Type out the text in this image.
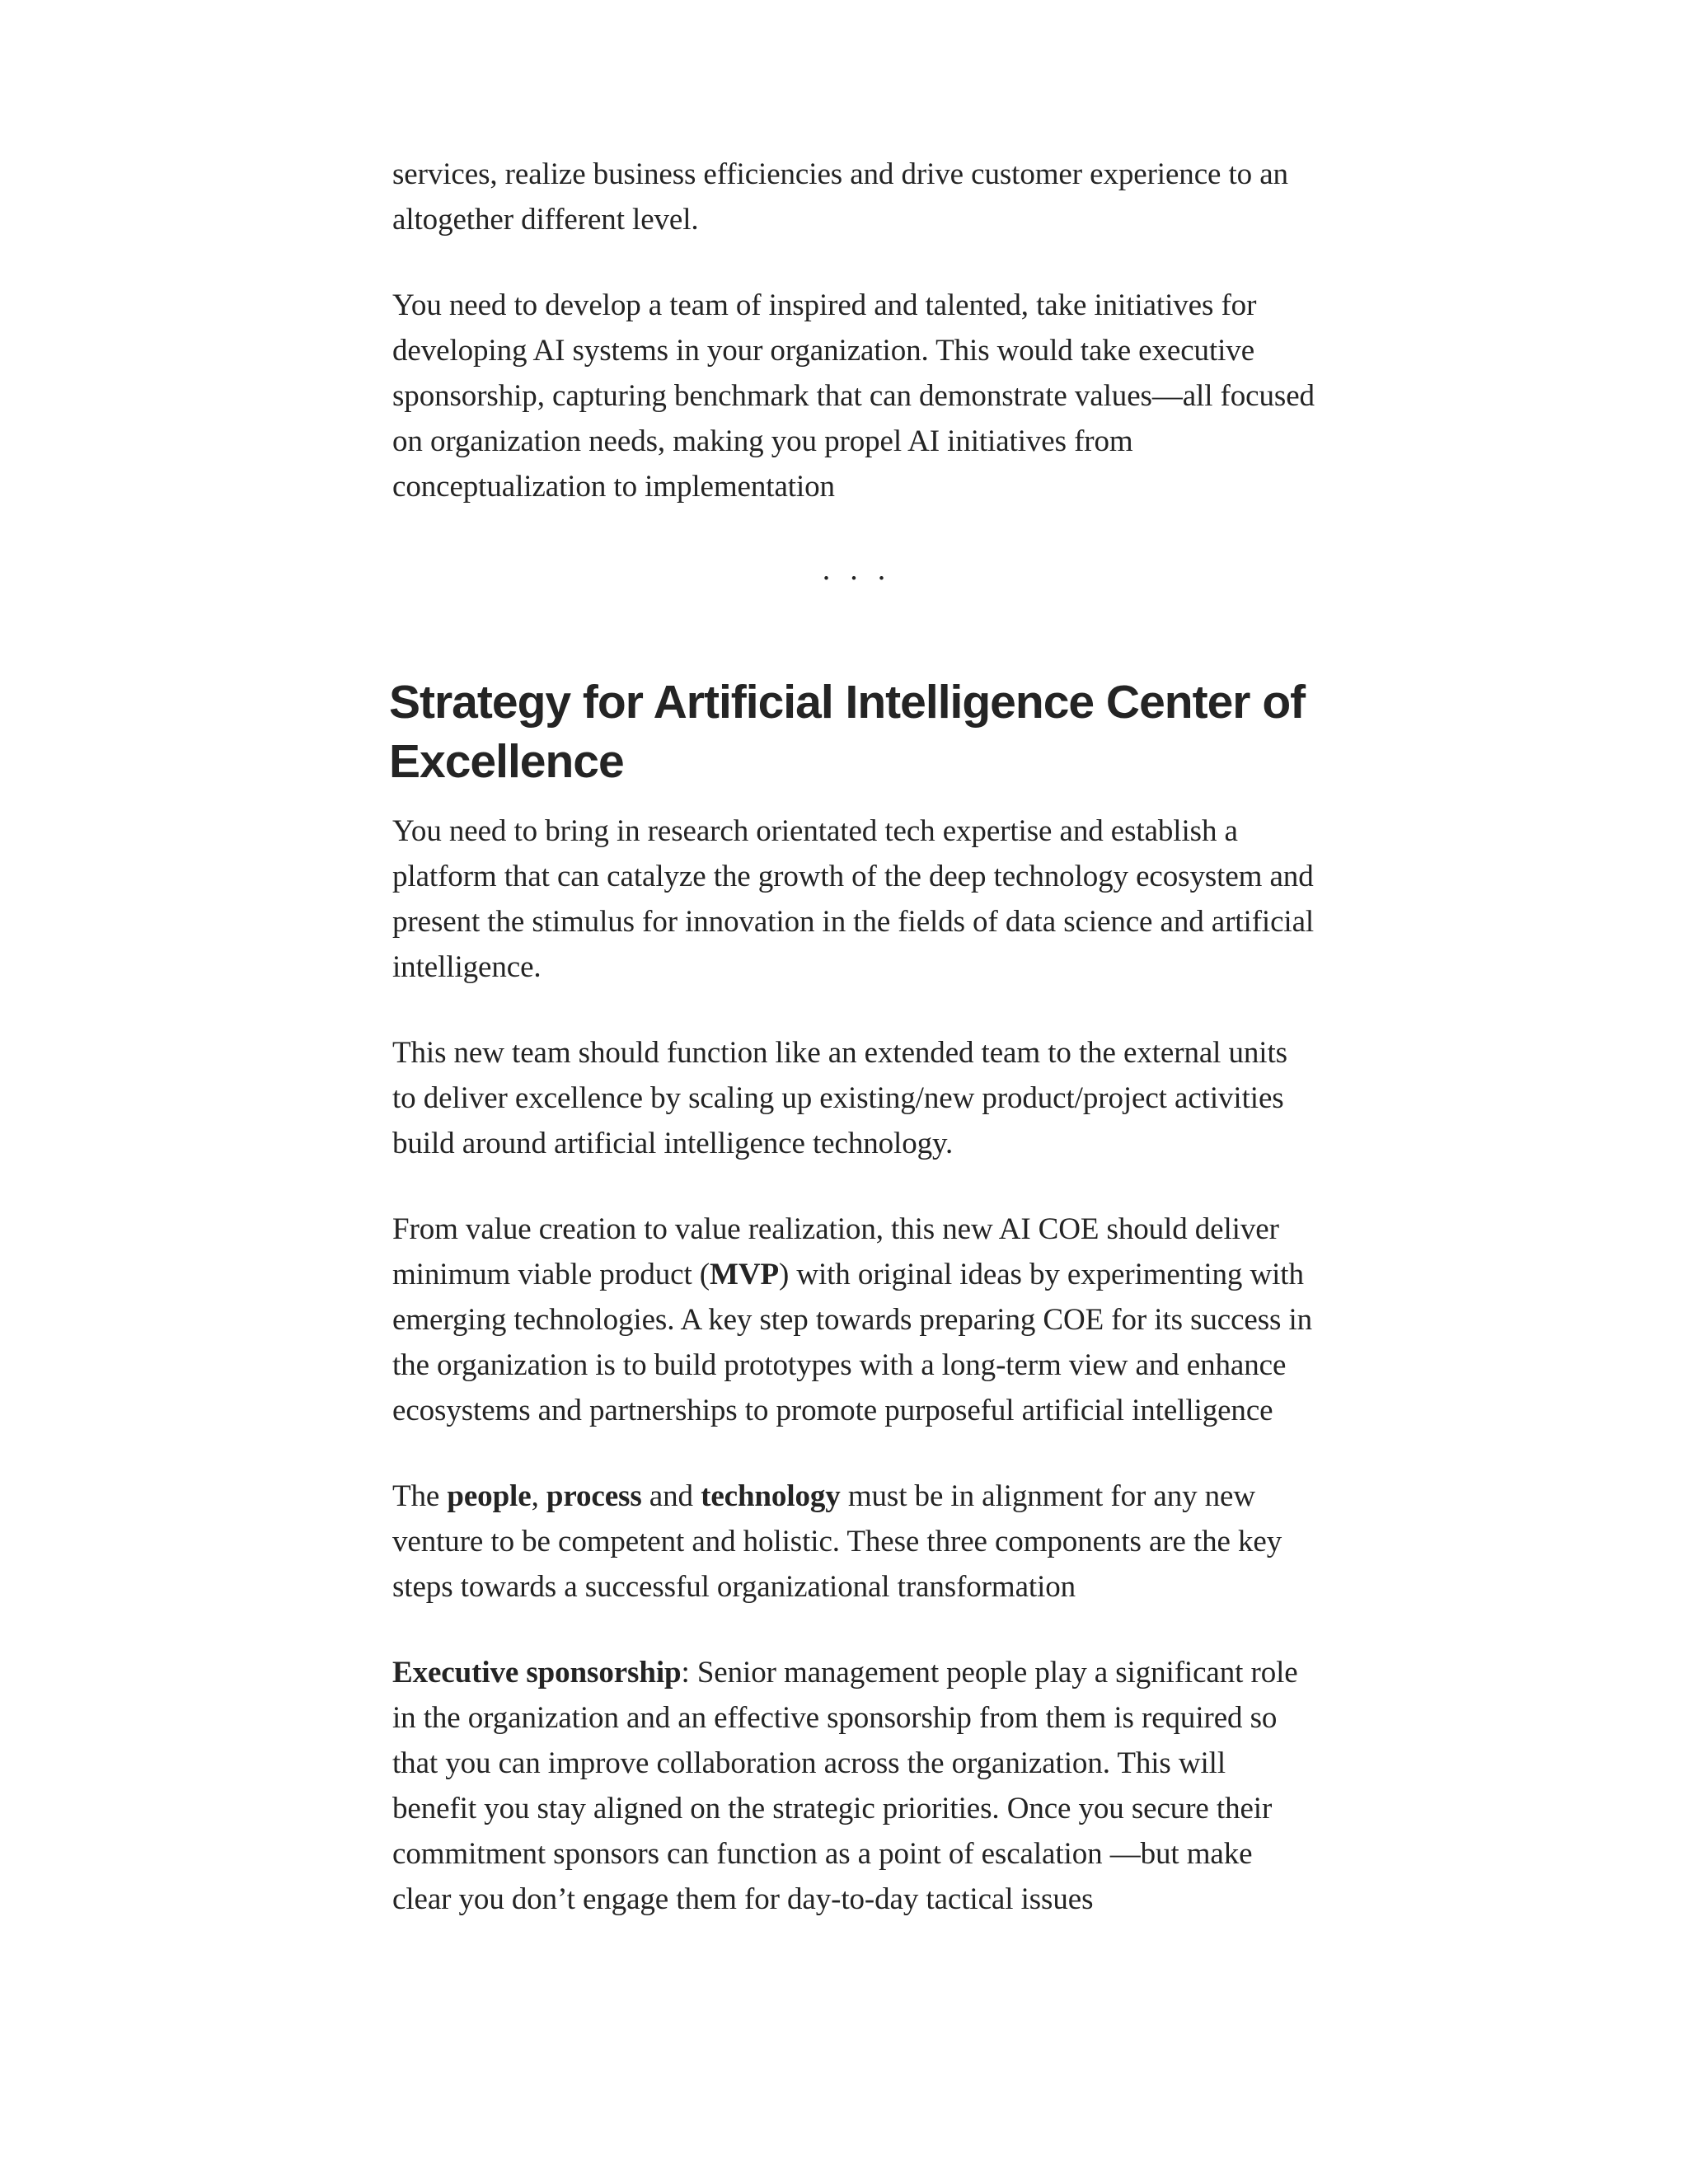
services, realize business efficiencies and drive customer experience to an altogether different level.

You need to develop a team of inspired and talented, take initiatives for developing AI systems in your organization. This would take executive sponsorship, capturing benchmark that can demonstrate values—all focused on organization needs, making you propel AI initiatives from conceptualization to implementation

...
Strategy for Artificial Intelligence Center of Excellence

You need to bring in research orientated tech expertise and establish a platform that can catalyze the growth of the deep technology ecosystem and present the stimulus for innovation in the fields of data science and artificial intelligence.

This new team should function like an extended team to the external units to deliver excellence by scaling up existing/new product/project activities build around artificial intelligence technology.

From value creation to value realization, this new AI COE should deliver minimum viable product (MVP) with original ideas by experimenting with emerging technologies. A key step towards preparing COE for its success in the organization is to build prototypes with a long-term view and enhance ecosystems and partnerships to promote purposeful artificial intelligence

The people, process and technology must be in alignment for any new venture to be competent and holistic. These three components are the key steps towards a successful organizational transformation

Executive sponsorship: Senior management people play a significant role in the organization and an effective sponsorship from them is required so that you can improve collaboration across the organization. This will benefit you stay aligned on the strategic priorities. Once you secure their commitment sponsors can function as a point of escalation —but make clear you don’t engage them for day-to-day tactical issues
